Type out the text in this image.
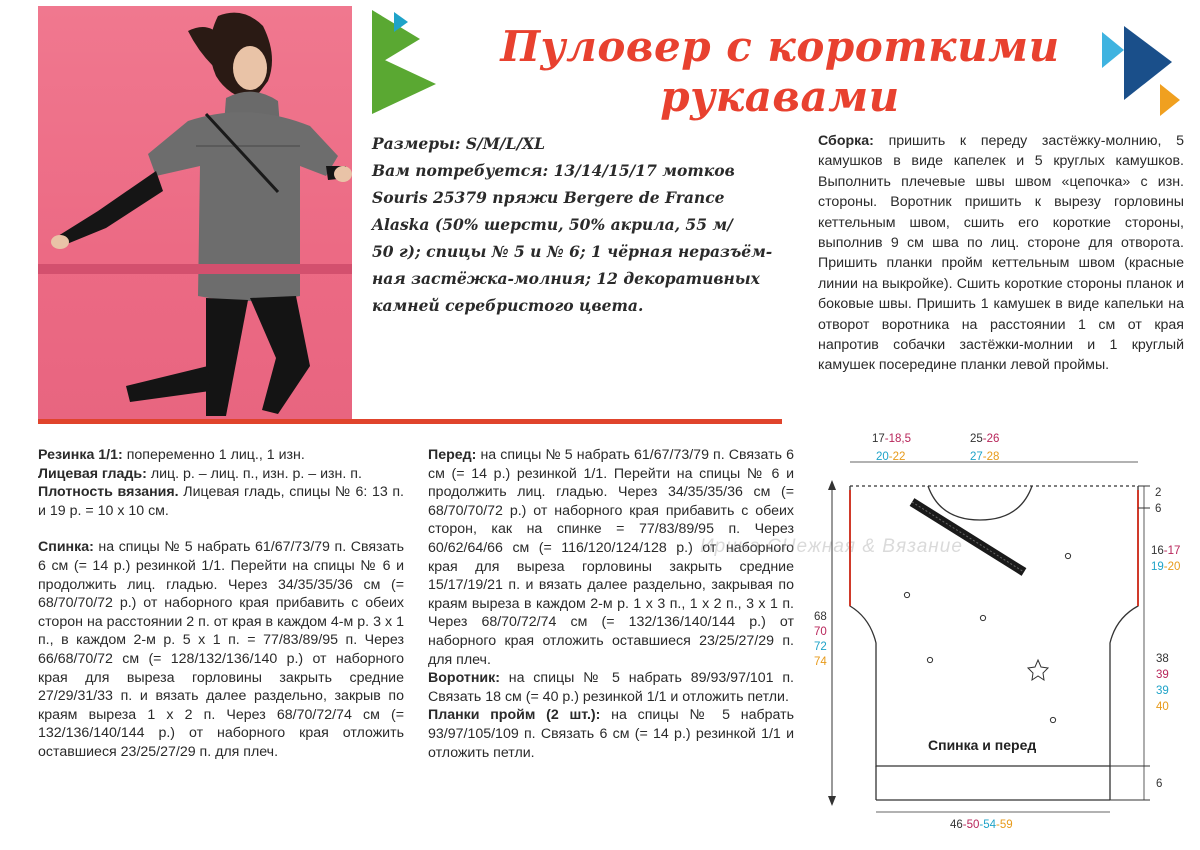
Пуловер с короткими
рукавами
Размеры: S/M/L/XL
Вам потребуется: 13/14/15/17 мотков
Souris 25379 пряжи Bergere de France
Alaska (50% шерсти, 50% акрила, 55 м/
50 г); спицы № 5 и № 6; 1 чёрная неразъём-
ная застёжка-молния; 12 декоративных
камней серебристого цвета.
Сборка: пришить к переду застёжку-молнию, 5 камушков в виде капелек и 5 круглых камушков. Выполнить плечевые швы швом «цепочка» с изн. стороны. Воротник пришить к вырезу горловины кеттельным швом, сшить его короткие стороны, выполнив 9 см шва по лиц. стороне для отворота. Пришить планки пройм кеттельным швом (красные линии на выкройке). Сшить короткие стороны планок и боковые швы. Пришить 1 камушек в виде капельки на отворот воротника на расстоянии 1 см от края напротив собачки застёжки-молнии и 1 круглый камушек посередине планки левой проймы.

Резинка 1/1: попеременно 1 лиц., 1 изн.

Лицевая гладь: лиц. р. – лиц. п., изн. р. – изн. п.

Плотность вязания. Лицевая гладь, спицы № 6: 13 п. и 19 р. = 10 х 10 см.

Спинка: на спицы № 5 набрать 61/67/73/79 п. Связать 6 см (= 14 р.) резинкой 1/1. Перейти на спицы № 6 и продолжить лиц. гладью. Через 34/35/35/36 см (= 68/70/70/72 р.) от наборного края прибавить с обеих сторон на расстоянии 2 п. от края в каждом 4-м р. 3 х 1 п., в каждом 2-м р. 5 х 1 п. = 77/83/89/95 п. Через 66/68/70/72 см (= 128/132/136/140 р.) от наборного края для выреза горловины закрыть средние 27/29/31/33 п. и вязать далее раздельно, закрыв по краям выреза 1 х 2 п. Через 68/70/72/74 см (= 132/136/140/144 р.) от наборного края отложить оставшиеся 23/25/27/29 п. для плеч.

Перед: на спицы № 5 набрать 61/67/73/79 п. Связать 6 см (= 14 р.) резинкой 1/1. Перейти на спицы № 6 и продолжить лиц. гладью. Через 34/35/35/36 см (= 68/70/70/72 р.) от наборного края прибавить с обеих сторон, как на спинке = 77/83/89/95 п. Через 60/62/64/66 см (= 116/120/124/128 р.) от наборного края для выреза горловины закрыть средние 15/17/19/21 п. и вязать далее раздельно, закрывая по краям выреза в каждом 2-м р. 1 х 3 п., 1 х 2 п., 3 х 1 п. Через 68/70/72/74 см (= 132/136/140/144 р.) от наборного края отложить оставшиеся 23/25/27/29 п. для плеч.

Воротник: на спицы № 5 набрать 89/93/97/101 п. Связать 18 см (= 40 р.) резинкой 1/1 и отложить петли.

Планки пройм (2 шт.): на спицы № 5 набрать 93/97/105/109 п. Связать 6 см (= 14 р.) резинкой 1/1 и отложить петли.

Ирина СНежная & Вязание
17-18,5
20-22
25-26
27-28
2
6
16-17
19-20
68
70
72
74	38
39
39
40
6
Спинка и перед
46-50-54-59
